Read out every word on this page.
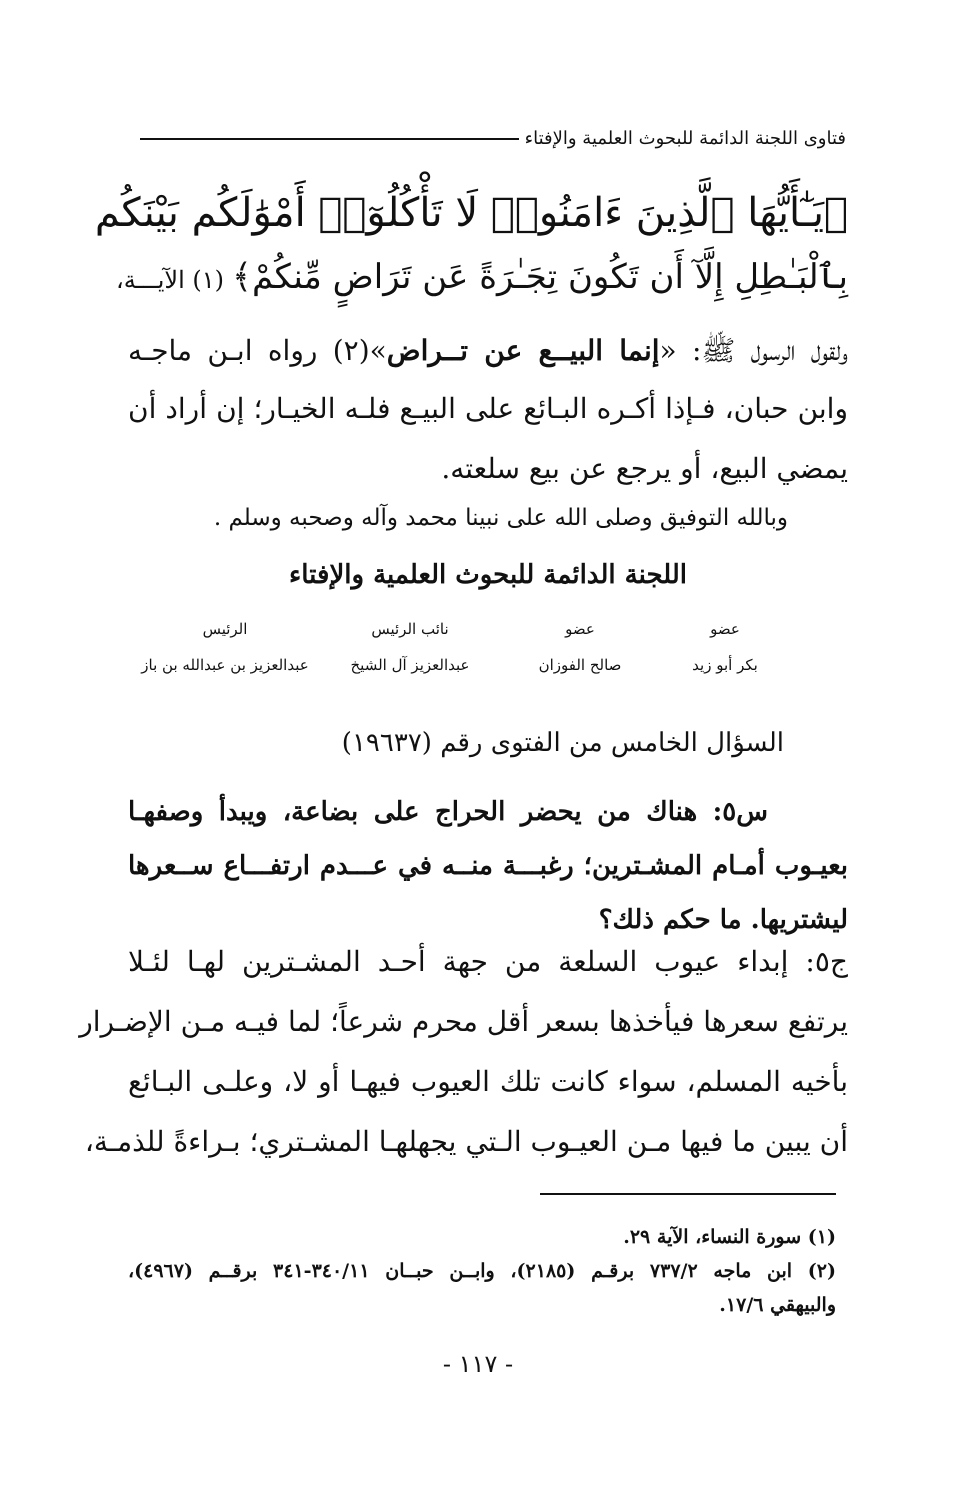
فتاوى اللجنة الدائمة للبحوث العلمية والإفتاء
﴿يَـٰٓأَيُّهَا ٱلَّذِينَ ءَامَنُوا۟ لَا تَأْكُلُوٓا۟ أَمْوَٰلَكُم بَيْنَكُم
بِٱلْبَـٰطِلِ إِلَّآ أَن تَكُونَ تِجَـٰرَةً عَن تَرَاضٍ مِّنكُمْ﴾(١) الآيـــة،
ولقول الرسول ﷺ: «إنما البيــع عن تــراض»(٢) رواه ابـن ماجـه
وابن حبان، فـإذا أكـره البـائع على البيـع فلـه الخيـار؛ إن أراد أن
يمضي البيع، أو يرجع عن بيع سلعته.
وبالله التوفيق وصلى الله على نبينا محمد وآله وصحبه وسلم .
اللجنة الدائمة للبحوث العلمية والإفتاء
عضو
عضو
نائب الرئيس
الرئيس
بكر أبو زيد
صالح الفوزان
عبدالعزيز آل الشيخ
عبدالعزيز بن عبدالله بن باز
السؤال الخامس من الفتوى رقم (١٩٦٣٧)
س٥: هناك من يحضر الحراج على بضاعة، ويبدأ وصفهـا
بعيـوب أمـام المشـترين؛ رغبـــة منــه في عـــدم ارتفـــاع ســعرها
ليشتريها. ما حكم ذلك؟
ج٥: إبداء عيوب السلعة من جهة أحـد المشـترين لهـا لئـلا
يرتفع سعرها فيأخذها بسعر أقل محرم شرعاً؛ لما فيـه مـن الإضـرار
بأخيه المسلم، سواء كانت تلك العيوب فيهـا أو لا، وعلـى البـائع
أن يبين ما فيها مـن العيـوب الـتي يجهلهـا المشـتري؛ بـراءةً للذمـة،
(١) سورة النساء، الآية ٢٩.
(٢) ابن ماجه ٧٣٧/٢ برقـم (٢١٨٥)، وابــن حبــان ٣٤٠/١١-٣٤١ برقــم (٤٩٦٧)،
والبيهقي ١٧/٦.
- ١١٧ -
